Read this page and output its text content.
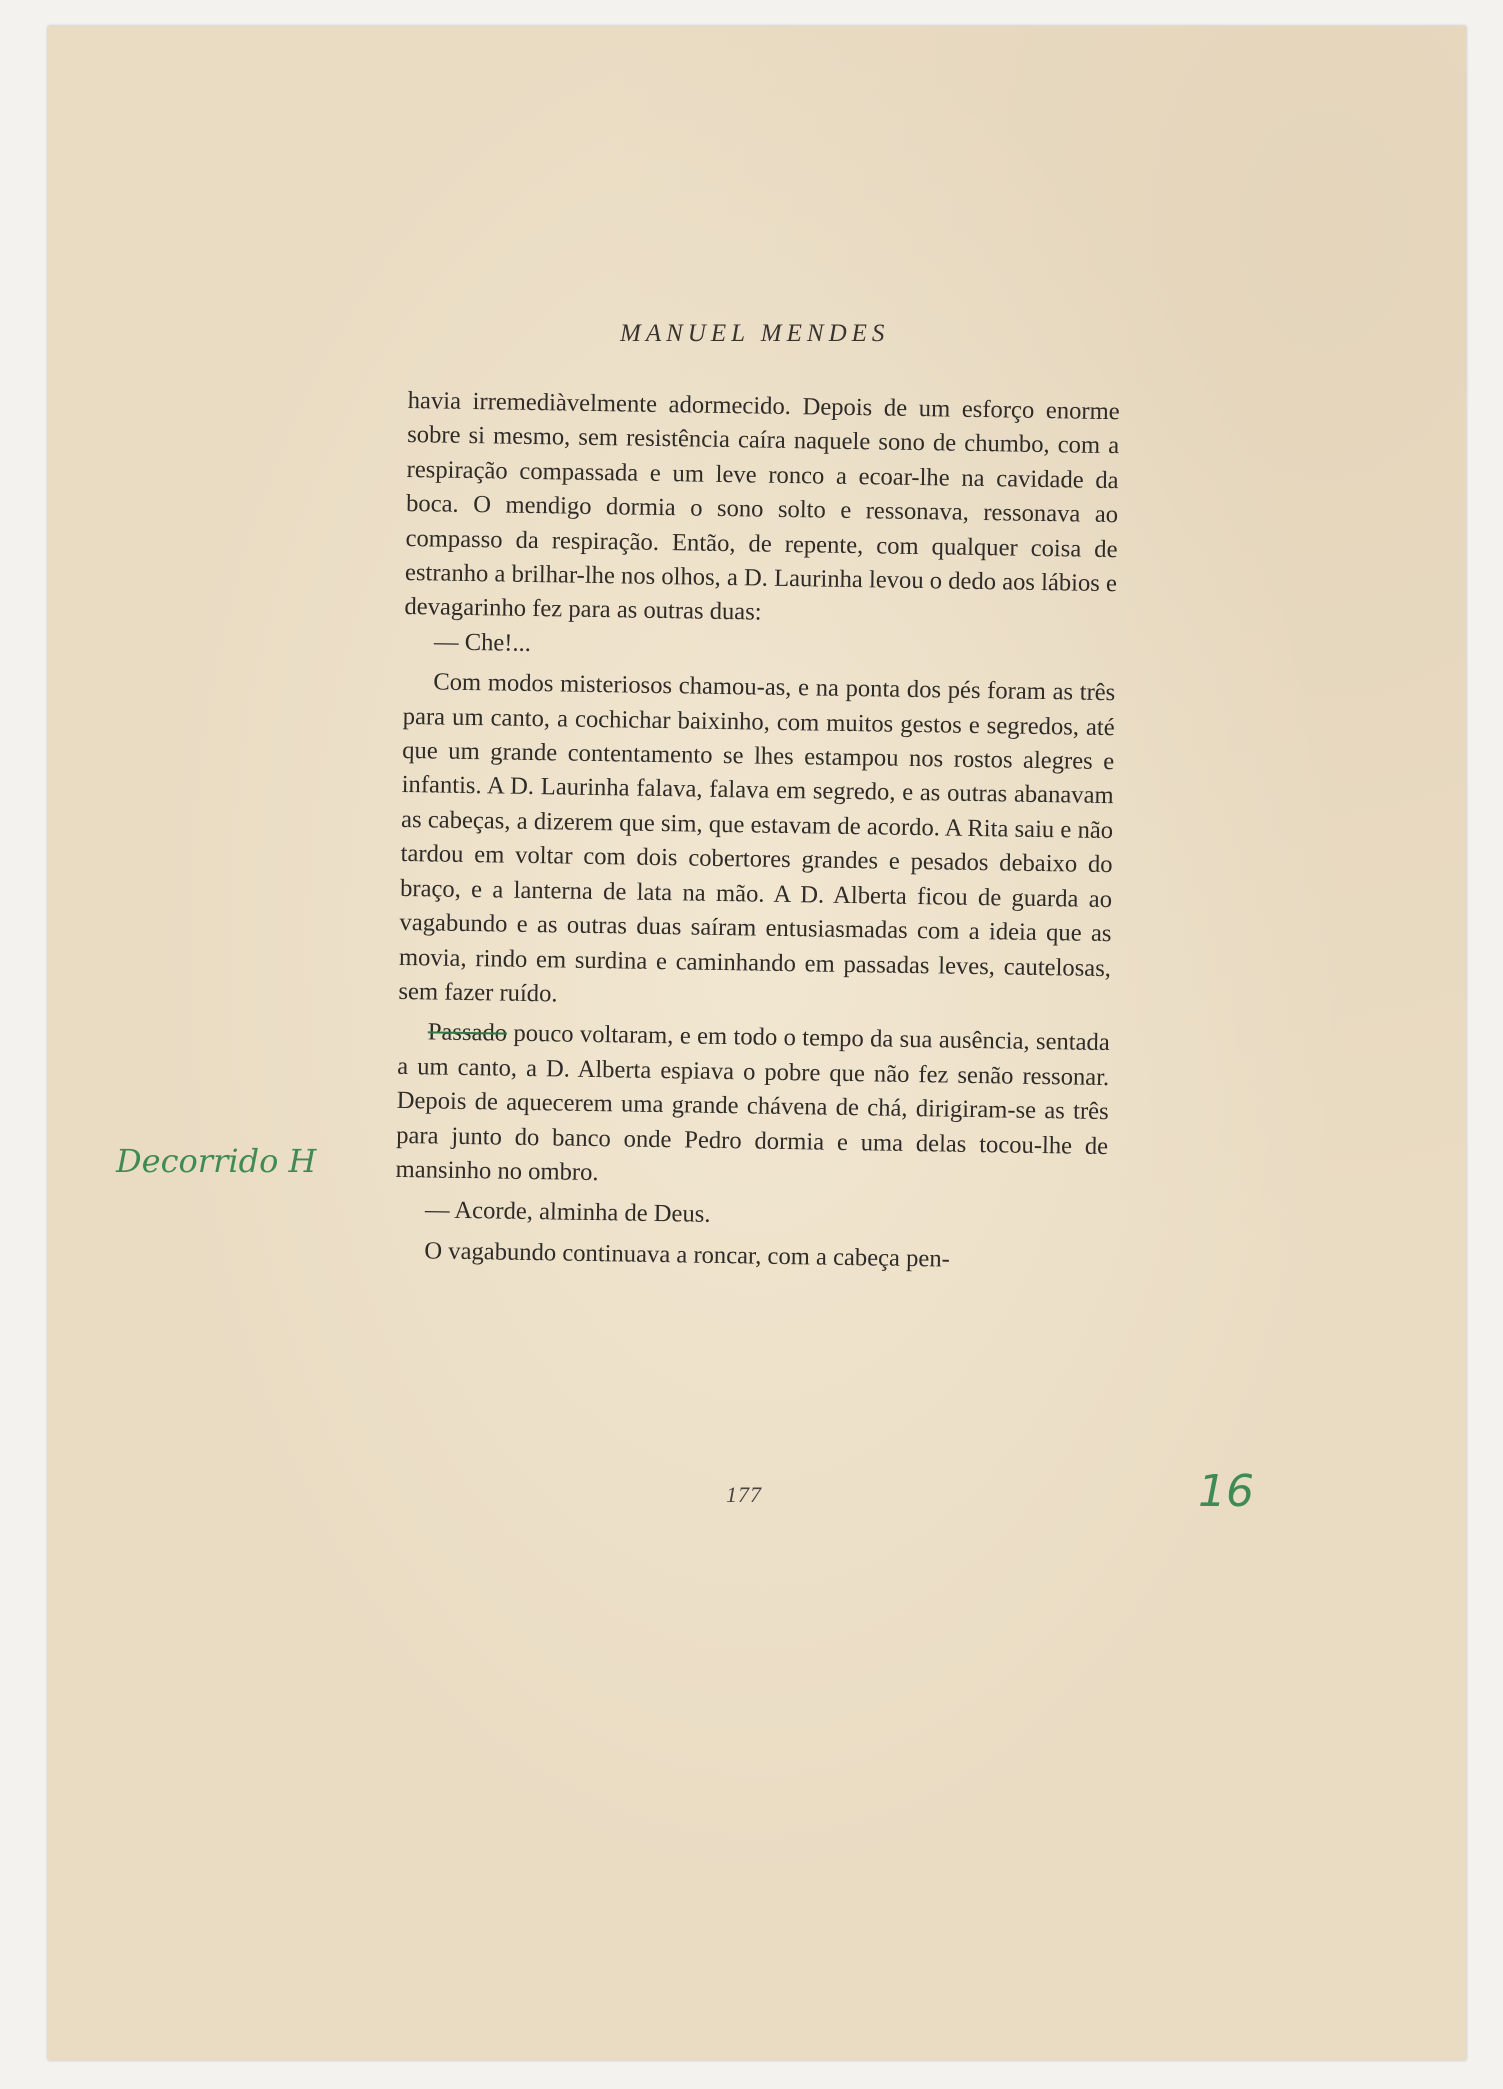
MANUEL MENDES

havia irremediàvelmente adormecido. Depois de um esforço enorme sobre si mesmo, sem resistência caíra naquele sono de chumbo, com a respiração compassada e um leve ronco a ecoar-lhe na cavidade da boca. O mendigo dormia o sono solto e ressonava, ressonava ao compasso da respiração. Então, de repente, com qualquer coisa de estranho a brilhar-lhe nos olhos, a D. Laurinha levou o dedo aos lábios e devagarinho fez para as outras duas:

— Che!...

Com modos misteriosos chamou-as, e na ponta dos pés foram as três para um canto, a cochichar baixinho, com muitos gestos e segredos, até que um grande contentamento se lhes estampou nos rostos alegres e infantis. A D. Laurinha falava, falava em segredo, e as outras abanavam as cabeças, a dizerem que sim, que estavam de acordo. A Rita saiu e não tardou em voltar com dois cobertores grandes e pesados debaixo do braço, e a lanterna de lata na mão. A D. Alberta ficou de guarda ao vagabundo e as outras duas saíram entusiasmadas com a ideia que as movia, rindo em surdina e caminhando em passadas leves, cautelosas, sem fazer ruído.

Passado pouco voltaram, e em todo o tempo da sua ausência, sentada a um canto, a D. Alberta espiava o pobre que não fez senão ressonar. Depois de aquecerem uma grande chávena de chá, dirigiram-se as três para junto do banco onde Pedro dormia e uma delas tocou-lhe de mansinho no ombro.

— Acorde, alminha de Deus.

O vagabundo continuava a roncar, com a cabeça pen-

Decorrido H
177	16
